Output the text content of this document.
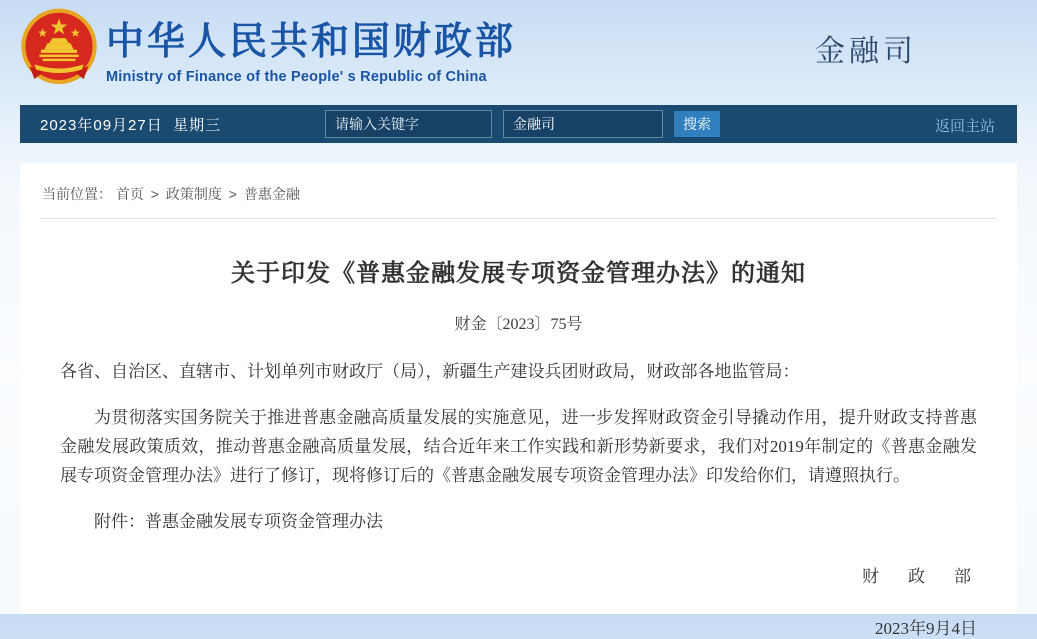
中华人民共和国财政部
Ministry of Finance of the People' s Republic of China
金融司
2023年09月27日  星期三
请输入关键字	金融司	搜索	返回主站
当前位置： 首页 > 政策制度 > 普惠金融
关于印发《普惠金融发展专项资金管理办法》的通知
财金〔2023〕75号

各省、自治区、直辖市、计划单列市财政厅（局），新疆生产建设兵团财政局，财政部各地监管局：

为贯彻落实国务院关于推进普惠金融高质量发展的实施意见，进一步发挥财政资金引导撬动作用，提升财政支持普惠金融发展政策质效，推动普惠金融高质量发展，结合近年来工作实践和新形势新要求，我们对2019年制定的《普惠金融发展专项资金管理办法》进行了修订，现将修订后的《普惠金融发展专项资金管理办法》印发给你们，请遵照执行。

附件：普惠金融发展专项资金管理办法

财　政　部
2023年9月4日
